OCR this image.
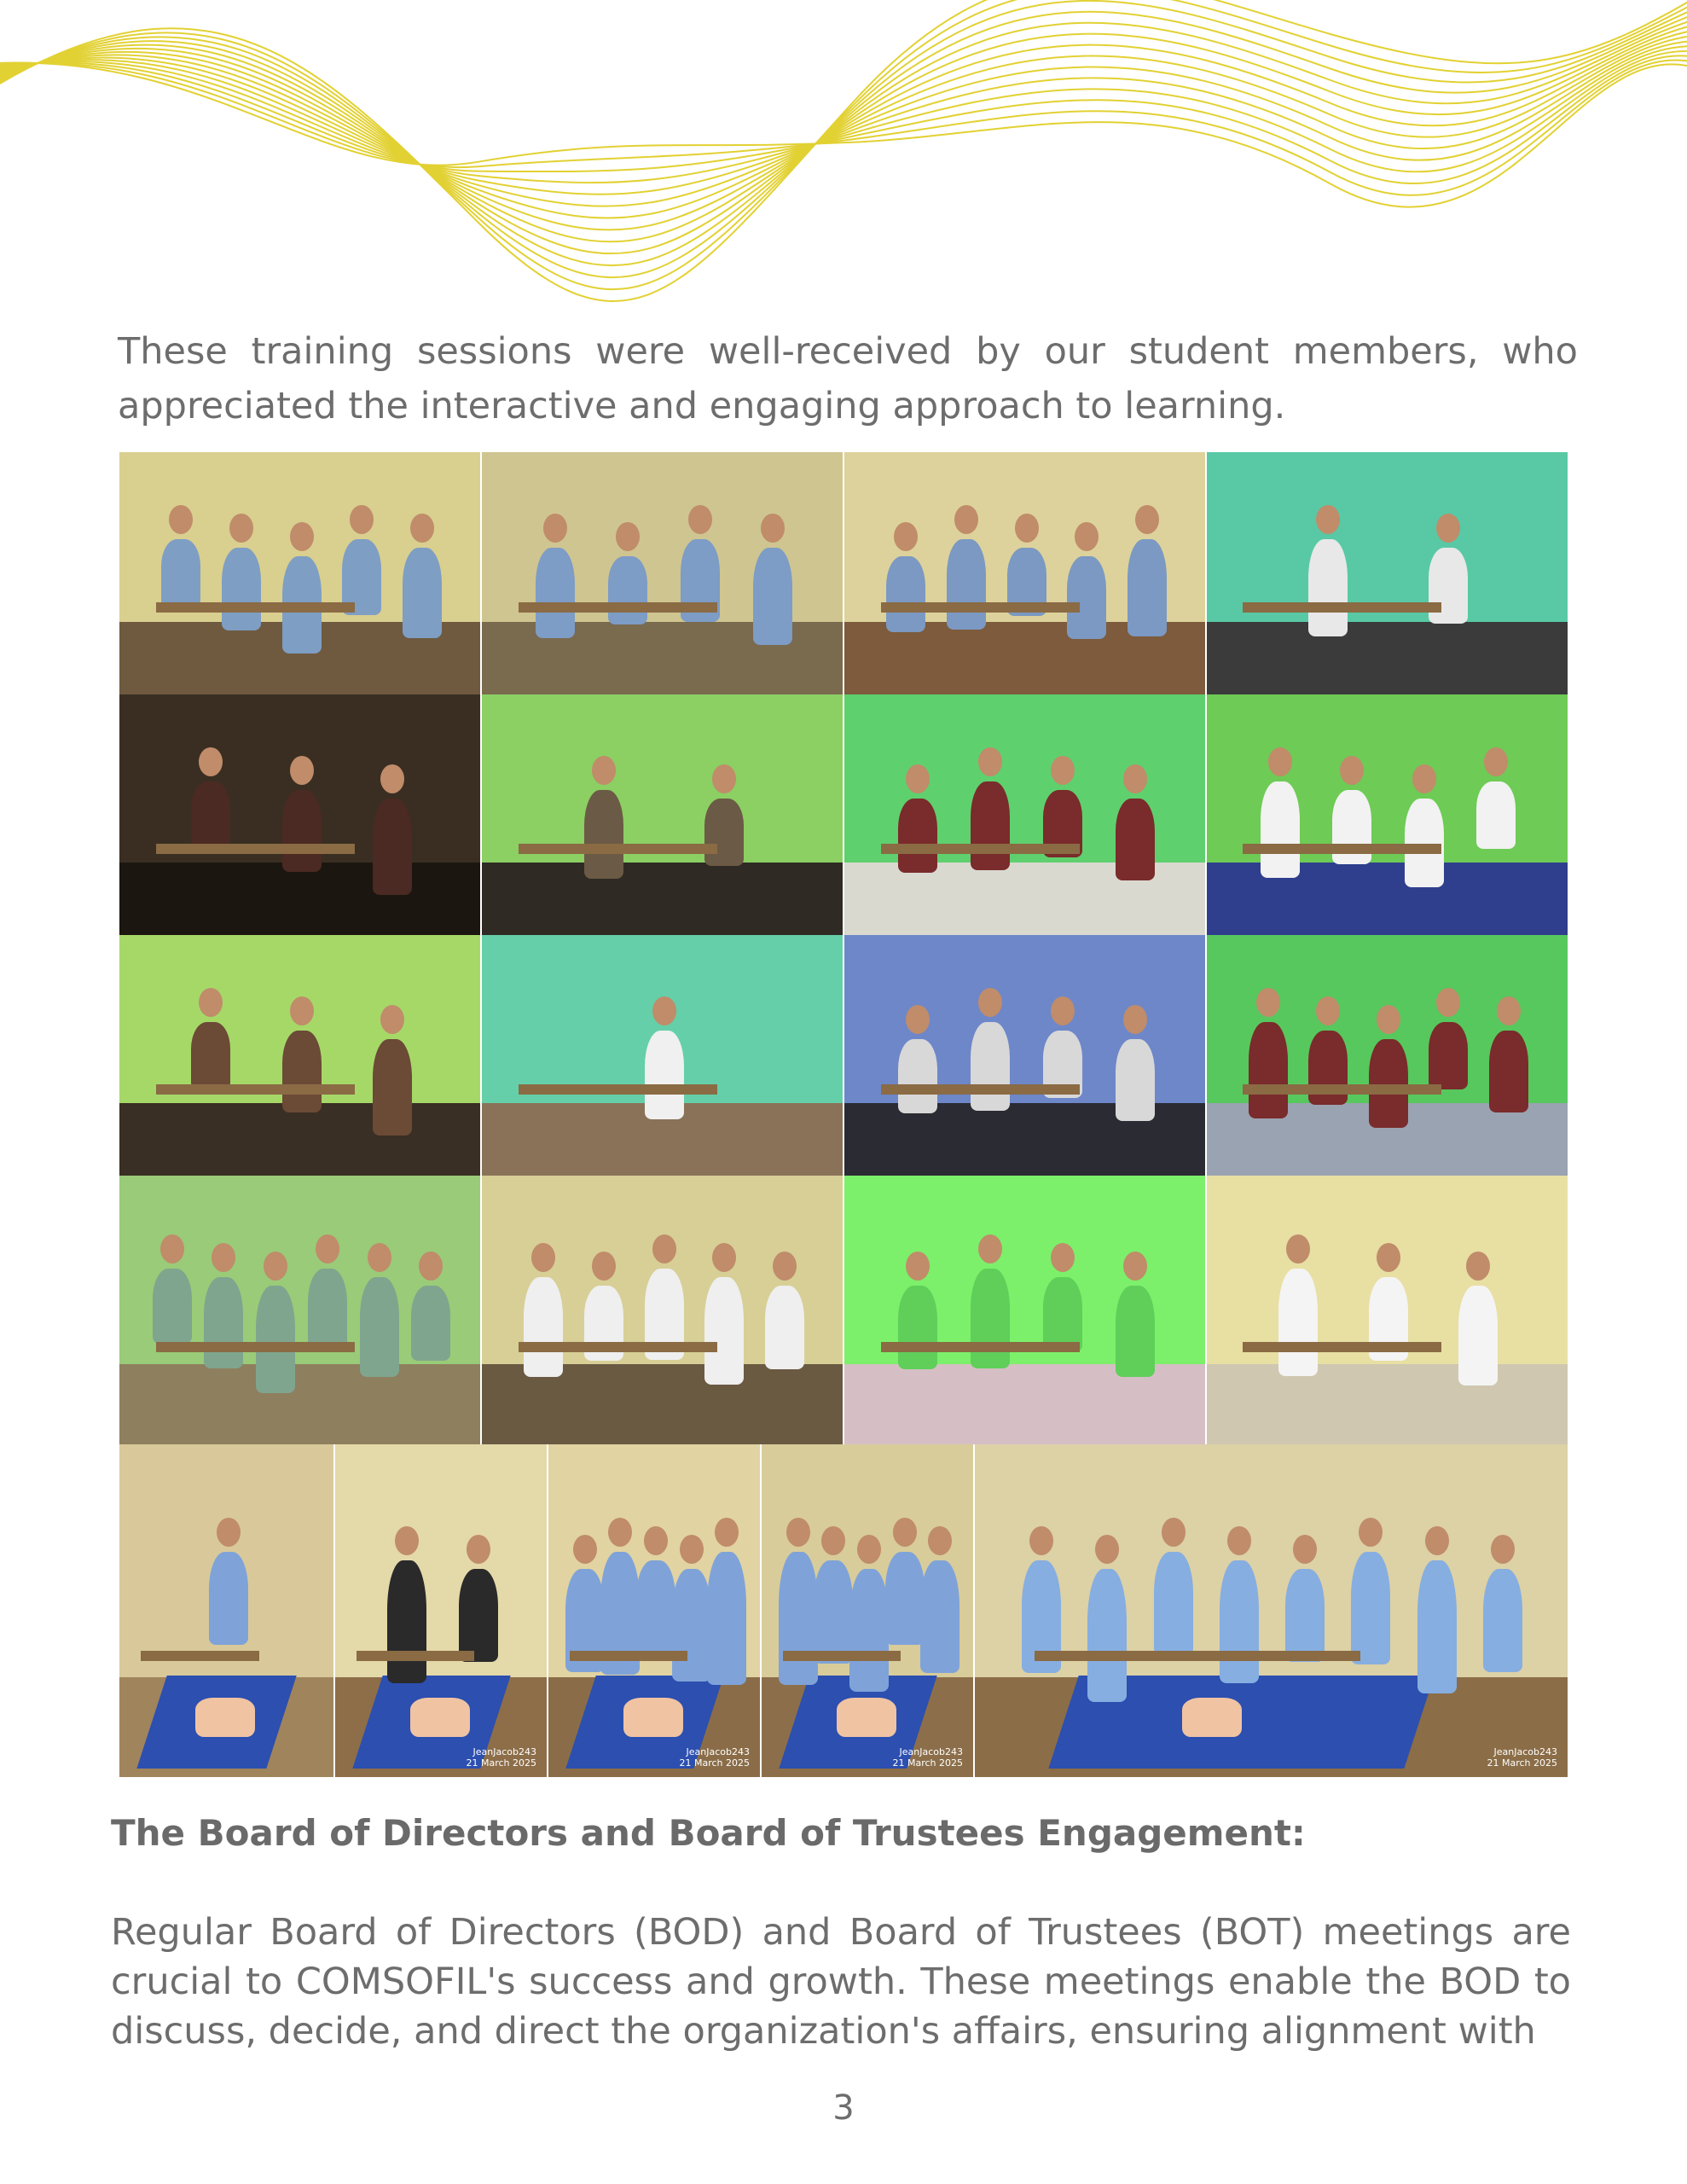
These training sessions were well-received by our student members, who appreciated the interactive and engaging approach to learning.

JeanJacob243
21 March 2025
JeanJacob243
21 March 2025
JeanJacob243
21 March 2025
JeanJacob243
21 March 2025

The Board of Directors and Board of Trustees Engagement:

Regular Board of Directors (BOD) and Board of Trustees (BOT) meetings are crucial to COMSOFIL's success and growth. These meetings enable the BOD to discuss, decide, and direct the organization's affairs, ensuring alignment with

3
